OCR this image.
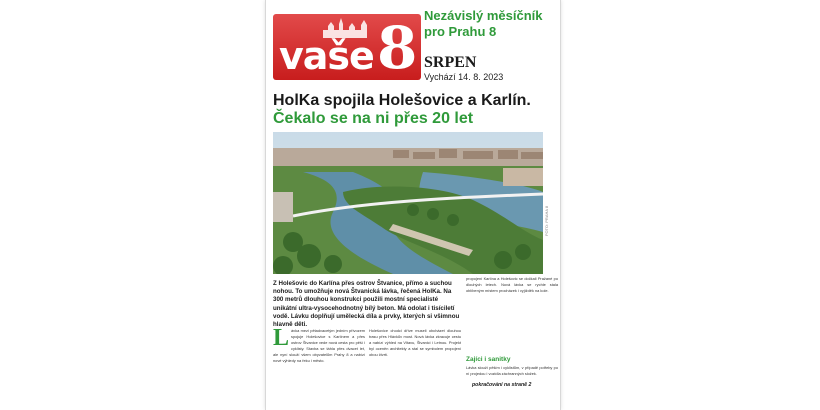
vaše 8 Nezávislý měsíčník pro Prahu 8
SRPEN
Vychází 14. 8. 2023
HolKa spojila Holešovice a Karlín.
Čekalo se na ni přes 20 let
FOTO: PRAHA 8
Z Holešovic do Karlína přes ostrov Štvanice, přímo a suchou nohou. To umožňuje nová Štvanická lávka, řečená HolKa. Na 300 metrů dlouhou konstrukci použili mostní specialisté unikátní ultra-vysocehodnotný bílý beton. Má odolat i tisíciletí vodě. Lávku doplňují umělecká díla a prvky, kterých si všimnou hlavně děti.
L ávka mezi pětadvacetým jedním přívozem spojuje Holešovice s Karlínem a přes ostrov Štvanice vede nová cesta pro pěší i cyklisty. Stavba se táhla přes dvacet let, ale nyní slouží všem obyvatelům Prahy 8 a nabízí nové výhledy na řeku i město.
Holešovice chodci dříve museli obcházet dlouhou trasu přes Hlávkův most. Nová lávka zkracuje cestu a nabízí výhled na Vltavu, Štvanici i Letnou. Projekt byl oceněn architekty a stal se symbolem propojení obou čtvrtí.
propojení Karlína a Holešovic se dočkali Pražané po dlouhých letech. Nová lávka se rychle stala oblíbeným místem procházek i vyjížděk na kole.
Zajíci i sanitky
Lávka slouží pěším i cyklistům, v případě potřeby po ní projedou i vozidla záchranných složek.
pokračování na straně 2
